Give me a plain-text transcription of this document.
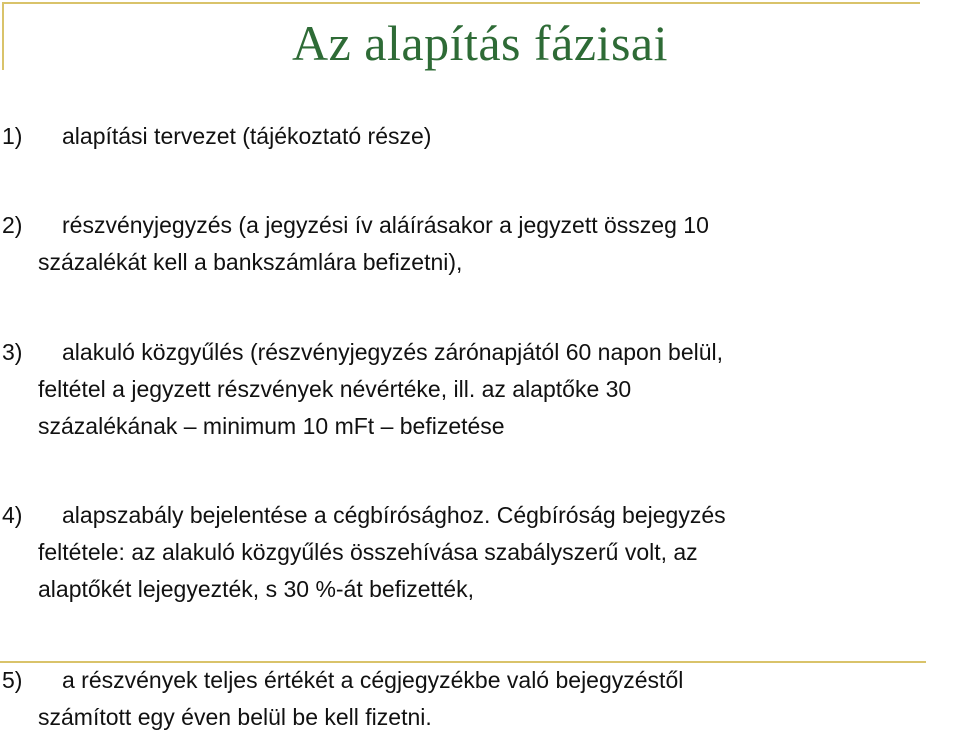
Az alapítás fázisai
1)	alapítási tervezet (tájékoztató része)
2)	részvényjegyzés (a jegyzési ív aláírásakor a jegyzett összeg 10
százalékát kell a bankszámlára befizetni),
3)	alakuló közgyűlés (részvényjegyzés zárónapjától 60 napon belül,
feltétel a jegyzett részvények névértéke, ill. az alaptőke 30
százalékának – minimum 10 mFt – befizetése
4)	alapszabály bejelentése a cégbírósághoz. Cégbíróság bejegyzés
feltétele: az alakuló közgyűlés összehívása szabályszerű volt, az
alaptőkét lejegyezték, s 30 %-át befizették,
5)	a részvények teljes értékét a cégjegyzékbe való bejegyzéstől
számított egy éven belül be kell fizetni.
